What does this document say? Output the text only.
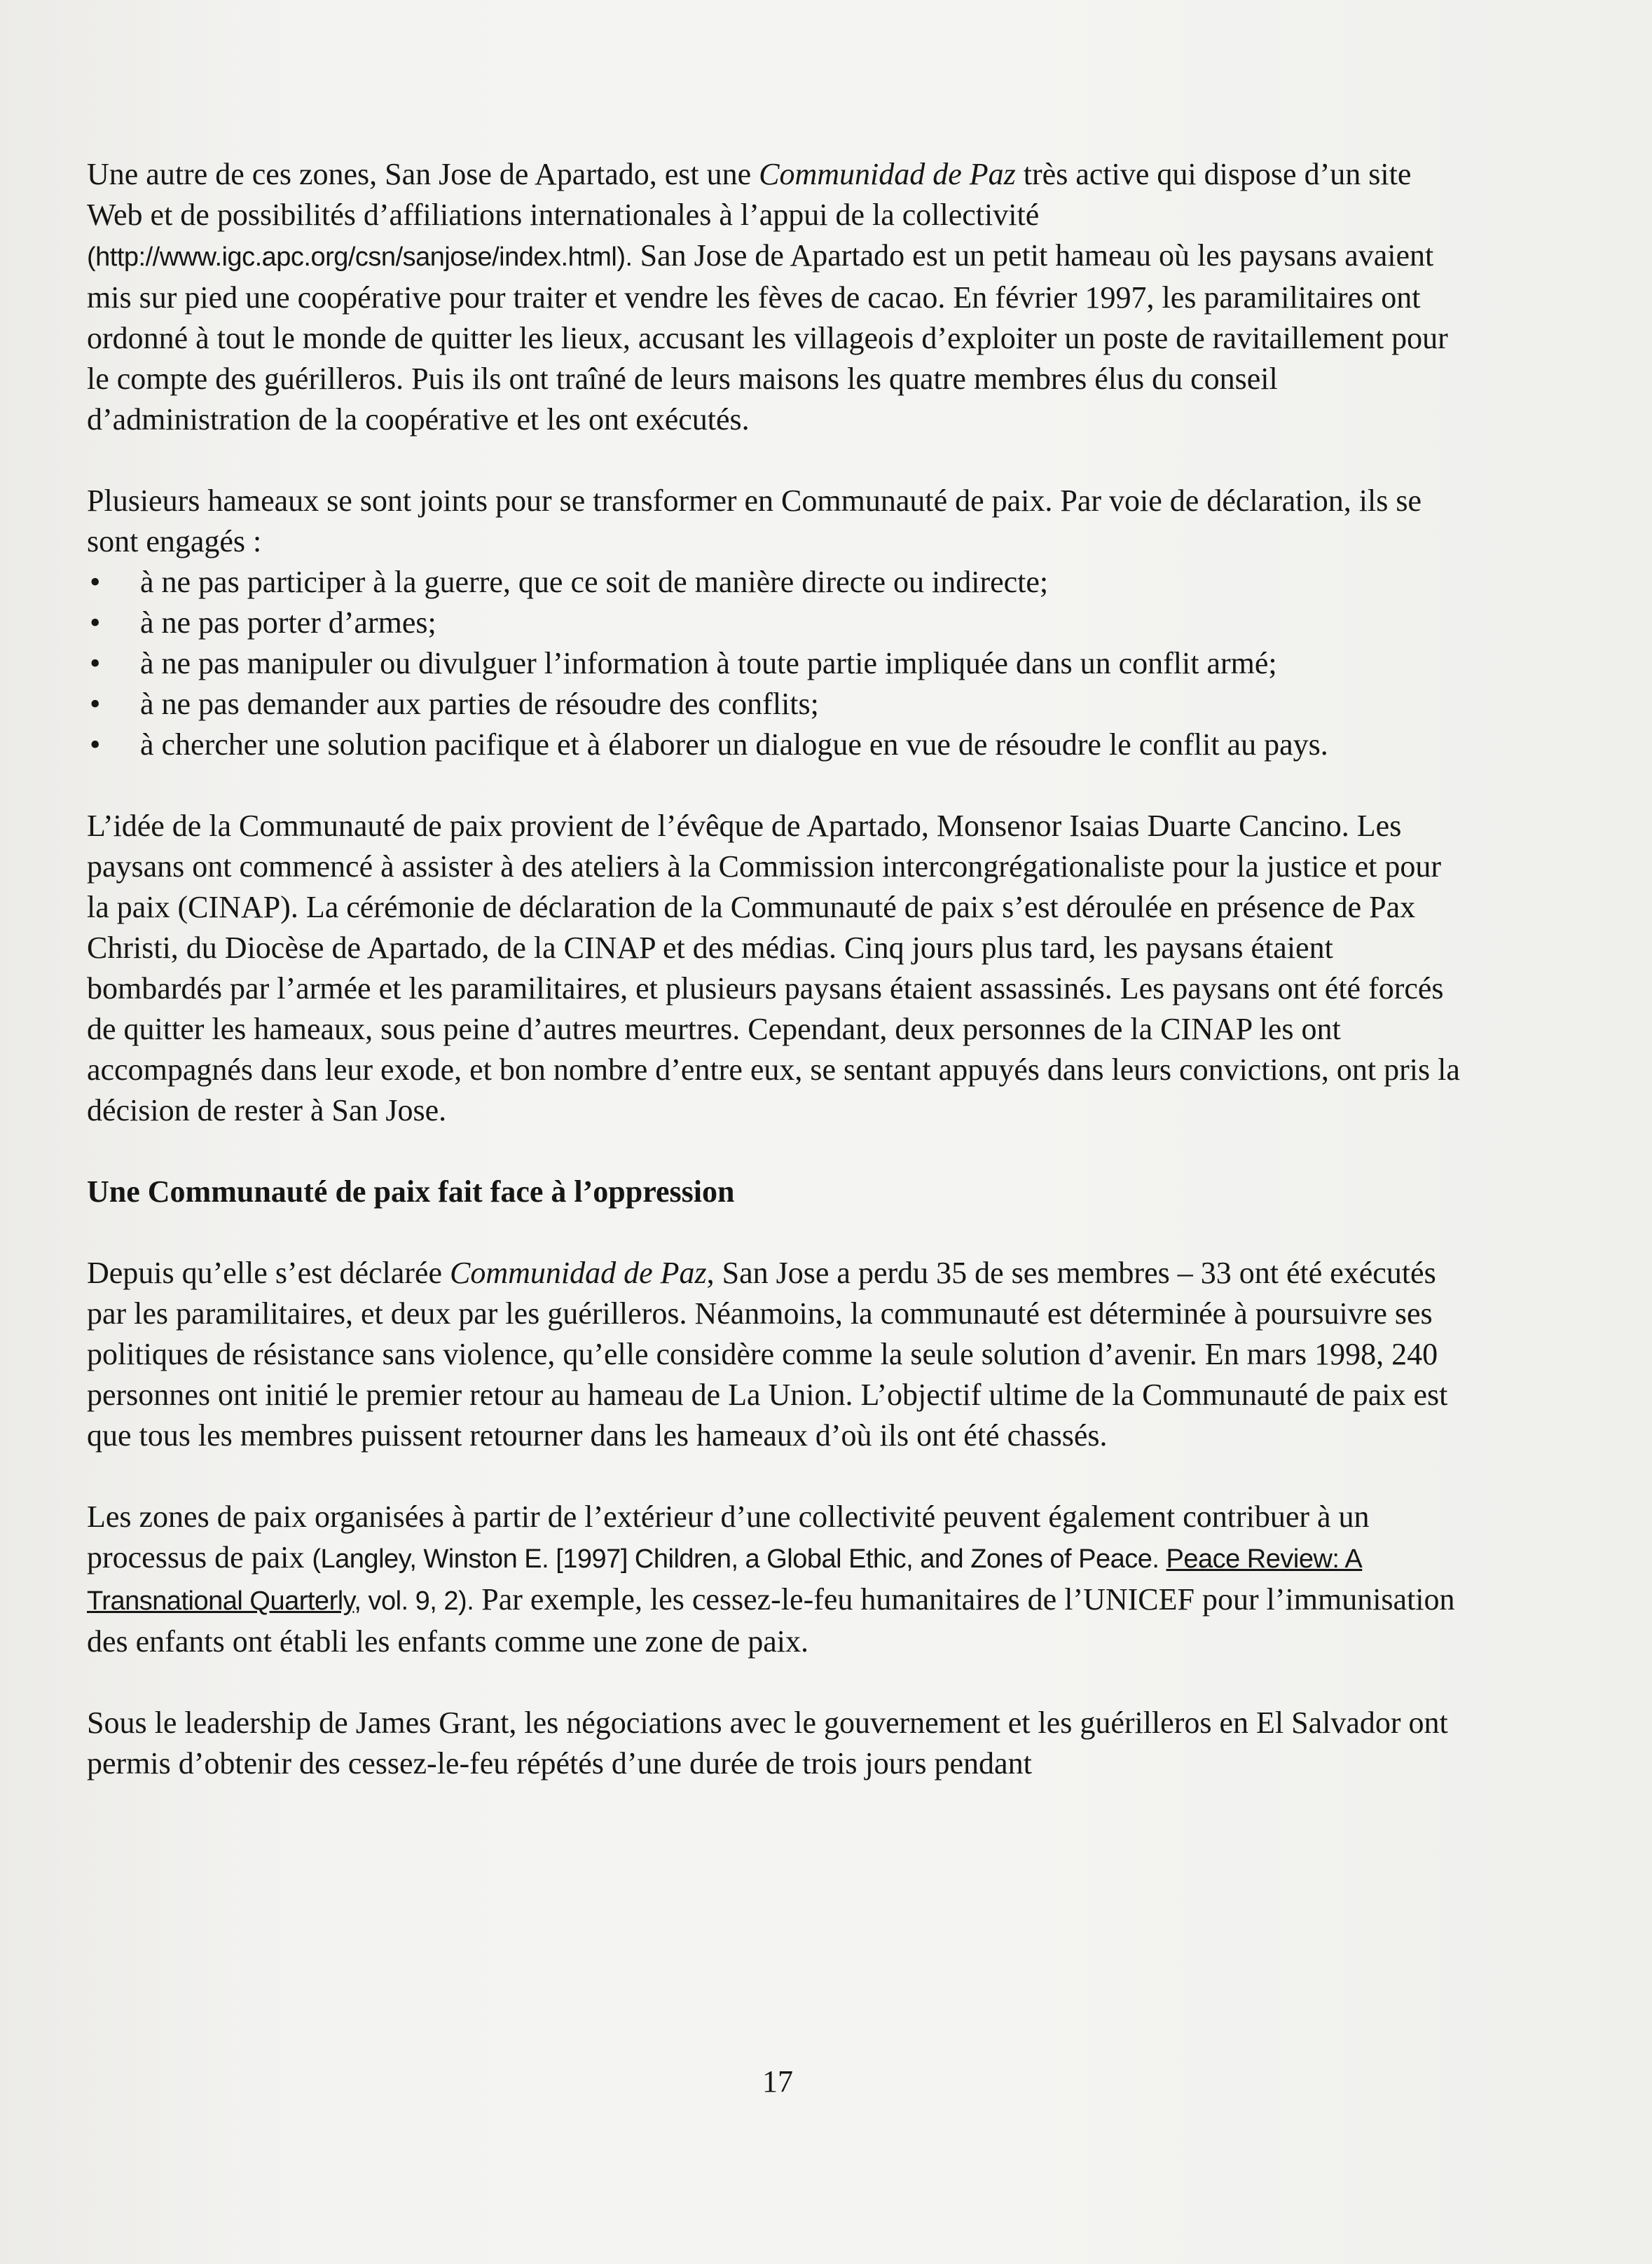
Une autre de ces zones, San Jose de Apartado, est une Communidad de Paz très active qui dispose d’un site Web et de possibilités d’affiliations internationales à l’appui de la collectivité (http://www.igc.apc.org/csn/sanjose/index.html). San Jose de Apartado est un petit hameau où les paysans avaient mis sur pied une coopérative pour traiter et vendre les fèves de cacao. En février 1997, les paramilitaires ont ordonné à tout le monde de quitter les lieux, accusant les villageois d’exploiter un poste de ravitaillement pour le compte des guérilleros. Puis ils ont traîné de leurs maisons les quatre membres élus du conseil d’administration de la coopérative et les ont exécutés.

Plusieurs hameaux se sont joints pour se transformer en Communauté de paix. Par voie de déclaration, ils se sont engagés :

• à ne pas participer à la guerre, que ce soit de manière directe ou indirecte;
• à ne pas porter d’armes;
• à ne pas manipuler ou divulguer l’information à toute partie impliquée dans un conflit armé;
• à ne pas demander aux parties de résoudre des conflits;
• à chercher une solution pacifique et à élaborer un dialogue en vue de résoudre le conflit au pays.

L’idée de la Communauté de paix provient de l’évêque de Apartado, Monsenor Isaias Duarte Cancino. Les paysans ont commencé à assister à des ateliers à la Commission intercongrégationaliste pour la justice et pour la paix (CINAP). La cérémonie de déclaration de la Communauté de paix s’est déroulée en présence de Pax Christi, du Diocèse de Apartado, de la CINAP et des médias. Cinq jours plus tard, les paysans étaient bombardés par l’armée et les paramilitaires, et plusieurs paysans étaient assassinés. Les paysans ont été forcés de quitter les hameaux, sous peine d’autres meurtres. Cependant, deux personnes de la CINAP les ont accompagnés dans leur exode, et bon nombre d’entre eux, se sentant appuyés dans leurs convictions, ont pris la décision de rester à San Jose.

Une Communauté de paix fait face à l’oppression

Depuis qu’elle s’est déclarée Communidad de Paz, San Jose a perdu 35 de ses membres – 33 ont été exécutés par les paramilitaires, et deux par les guérilleros. Néanmoins, la communauté est déterminée à poursuivre ses politiques de résistance sans violence, qu’elle considère comme la seule solution d’avenir. En mars 1998, 240 personnes ont initié le premier retour au hameau de La Union. L’objectif ultime de la Communauté de paix est que tous les membres puissent retourner dans les hameaux d’où ils ont été chassés.

Les zones de paix organisées à partir de l’extérieur d’une collectivité peuvent également contribuer à un processus de paix (Langley, Winston E. [1997] Children, a Global Ethic, and Zones of Peace. Peace Review: A Transnational Quarterly, vol. 9, 2). Par exemple, les cessez-le-feu humanitaires de l’UNICEF pour l’immunisation des enfants ont établi les enfants comme une zone de paix.

Sous le leadership de James Grant, les négociations avec le gouvernement et les guérilleros en El Salvador ont permis d’obtenir des cessez-le-feu répétés d’une durée de trois jours pendant

17
